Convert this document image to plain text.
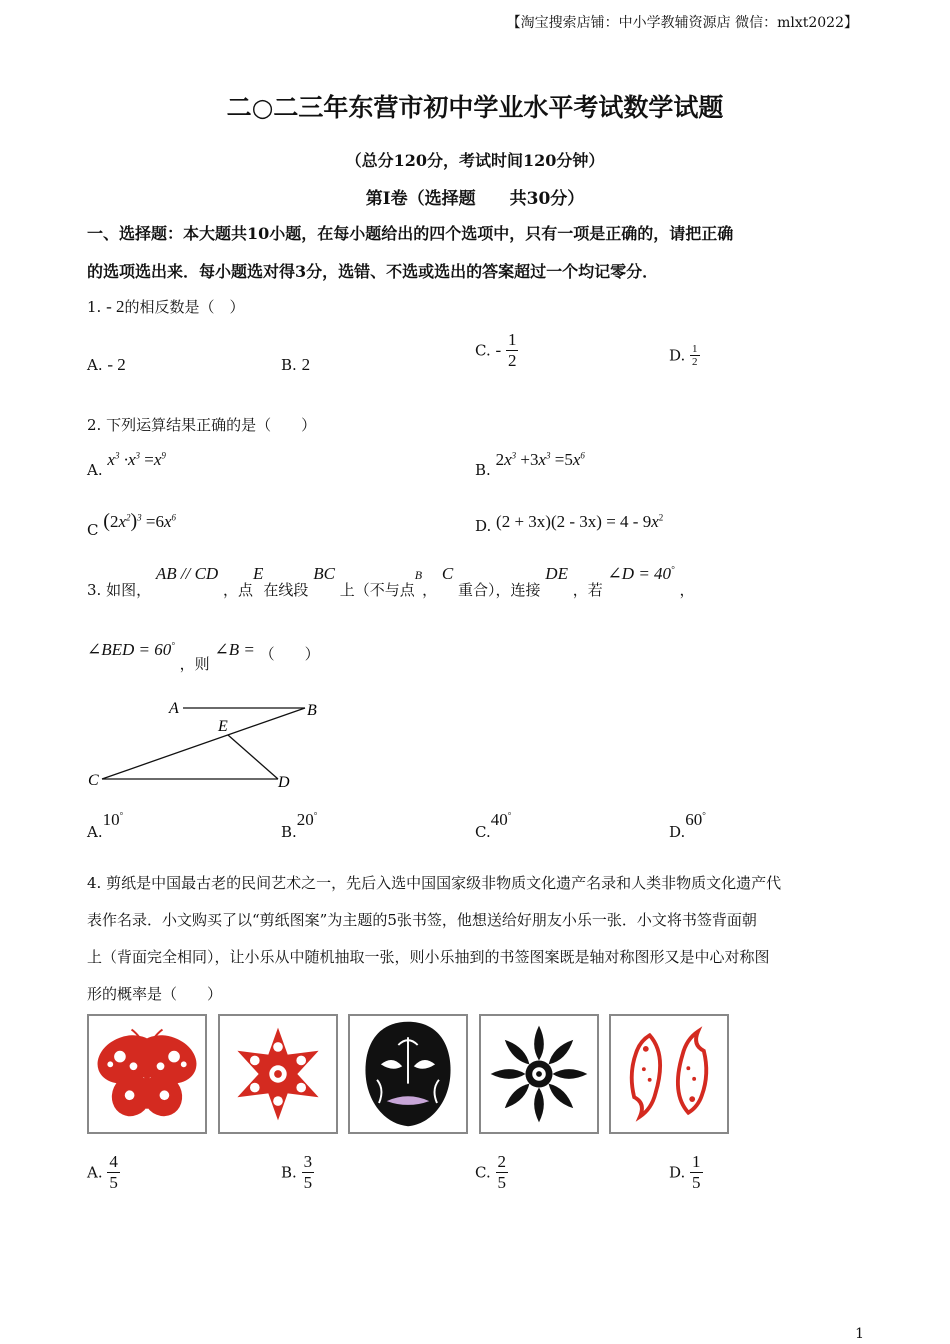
【淘宝搜索店铺：中小学教辅资源店 微信：mlxt2022】
二○二三年东营市初中学业水平考试数学试题
（总分120分，考试时间120分钟）
第Ⅰ卷（选择题　　共30分）
一、选择题：本大题共10小题，在每小题给出的四个选项中，只有一项是正确的，请把正确
的选项选出来．每小题选对得3分，选错、不选或选出的答案超过一个均记零分．
1. - 2的相反数是（　）
A. - 2	B. 2
C. - $\frac{1}{2}$	D. $\frac{1}{2}$
2. 下列运算结果正确的是（　　）
A. $x^3 \cdot x^3 =x^9$
B. $2x^3 +3x^3 =5x^6$
C $(2x^2)^3 =6x^6$	D. $(2 + 3x)(2 - 3x) = 4 - 9x^2$
3. 如图， AB // CD ，点E在线段 BC 上（不与点B， C 重合），连接 DE ，若 ∠D = 40° ，
∠BED = 60° ，则 ∠B = （　　）
A	B
E
C	D
A.10°
B.20°
C.40°
D.60°
4. 剪纸是中国最古老的民间艺术之一，先后入选中国国家级非物质文化遗产名录和人类非物质文化遗产代
表作名录．小文购买了以“剪纸图案”为主题的5张书签，他想送给好朋友小乐一张．小文将书签背面朝
上（背面完全相同），让小乐从中随机抽取一张，则小乐抽到的书签图案既是轴对称图形又是中心对称图
形的概率是（　　）
A. $\frac{4}{5}$	B. $\frac{3}{5}$	C. $\frac{2}{5}$	D. $\frac{1}{5}$
1
